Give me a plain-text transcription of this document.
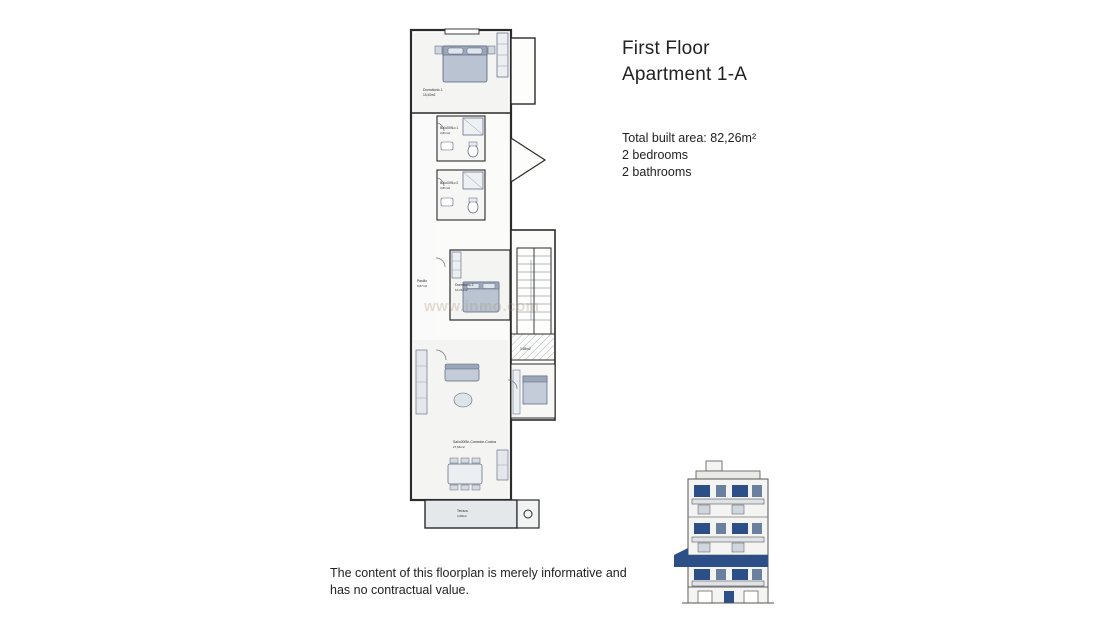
Dormitorio 1
15,40m2
Ba\u00f1o 1
3,81m2
Ba\u00f1o 2
3,81m2
Pasillo
9,87m2	Dormitorio 2
10,26 m2
3,68m2
Sal\u00f3n-Comedor-Cocina
27,91m2
Terraza
3,08m2
www.inmo.com
First Floor
Apartment 1-A
Total built area: 82,26m²
2 bedrooms
2 bathrooms
The content of this floorplan is merely informative and
has no contractual value.
